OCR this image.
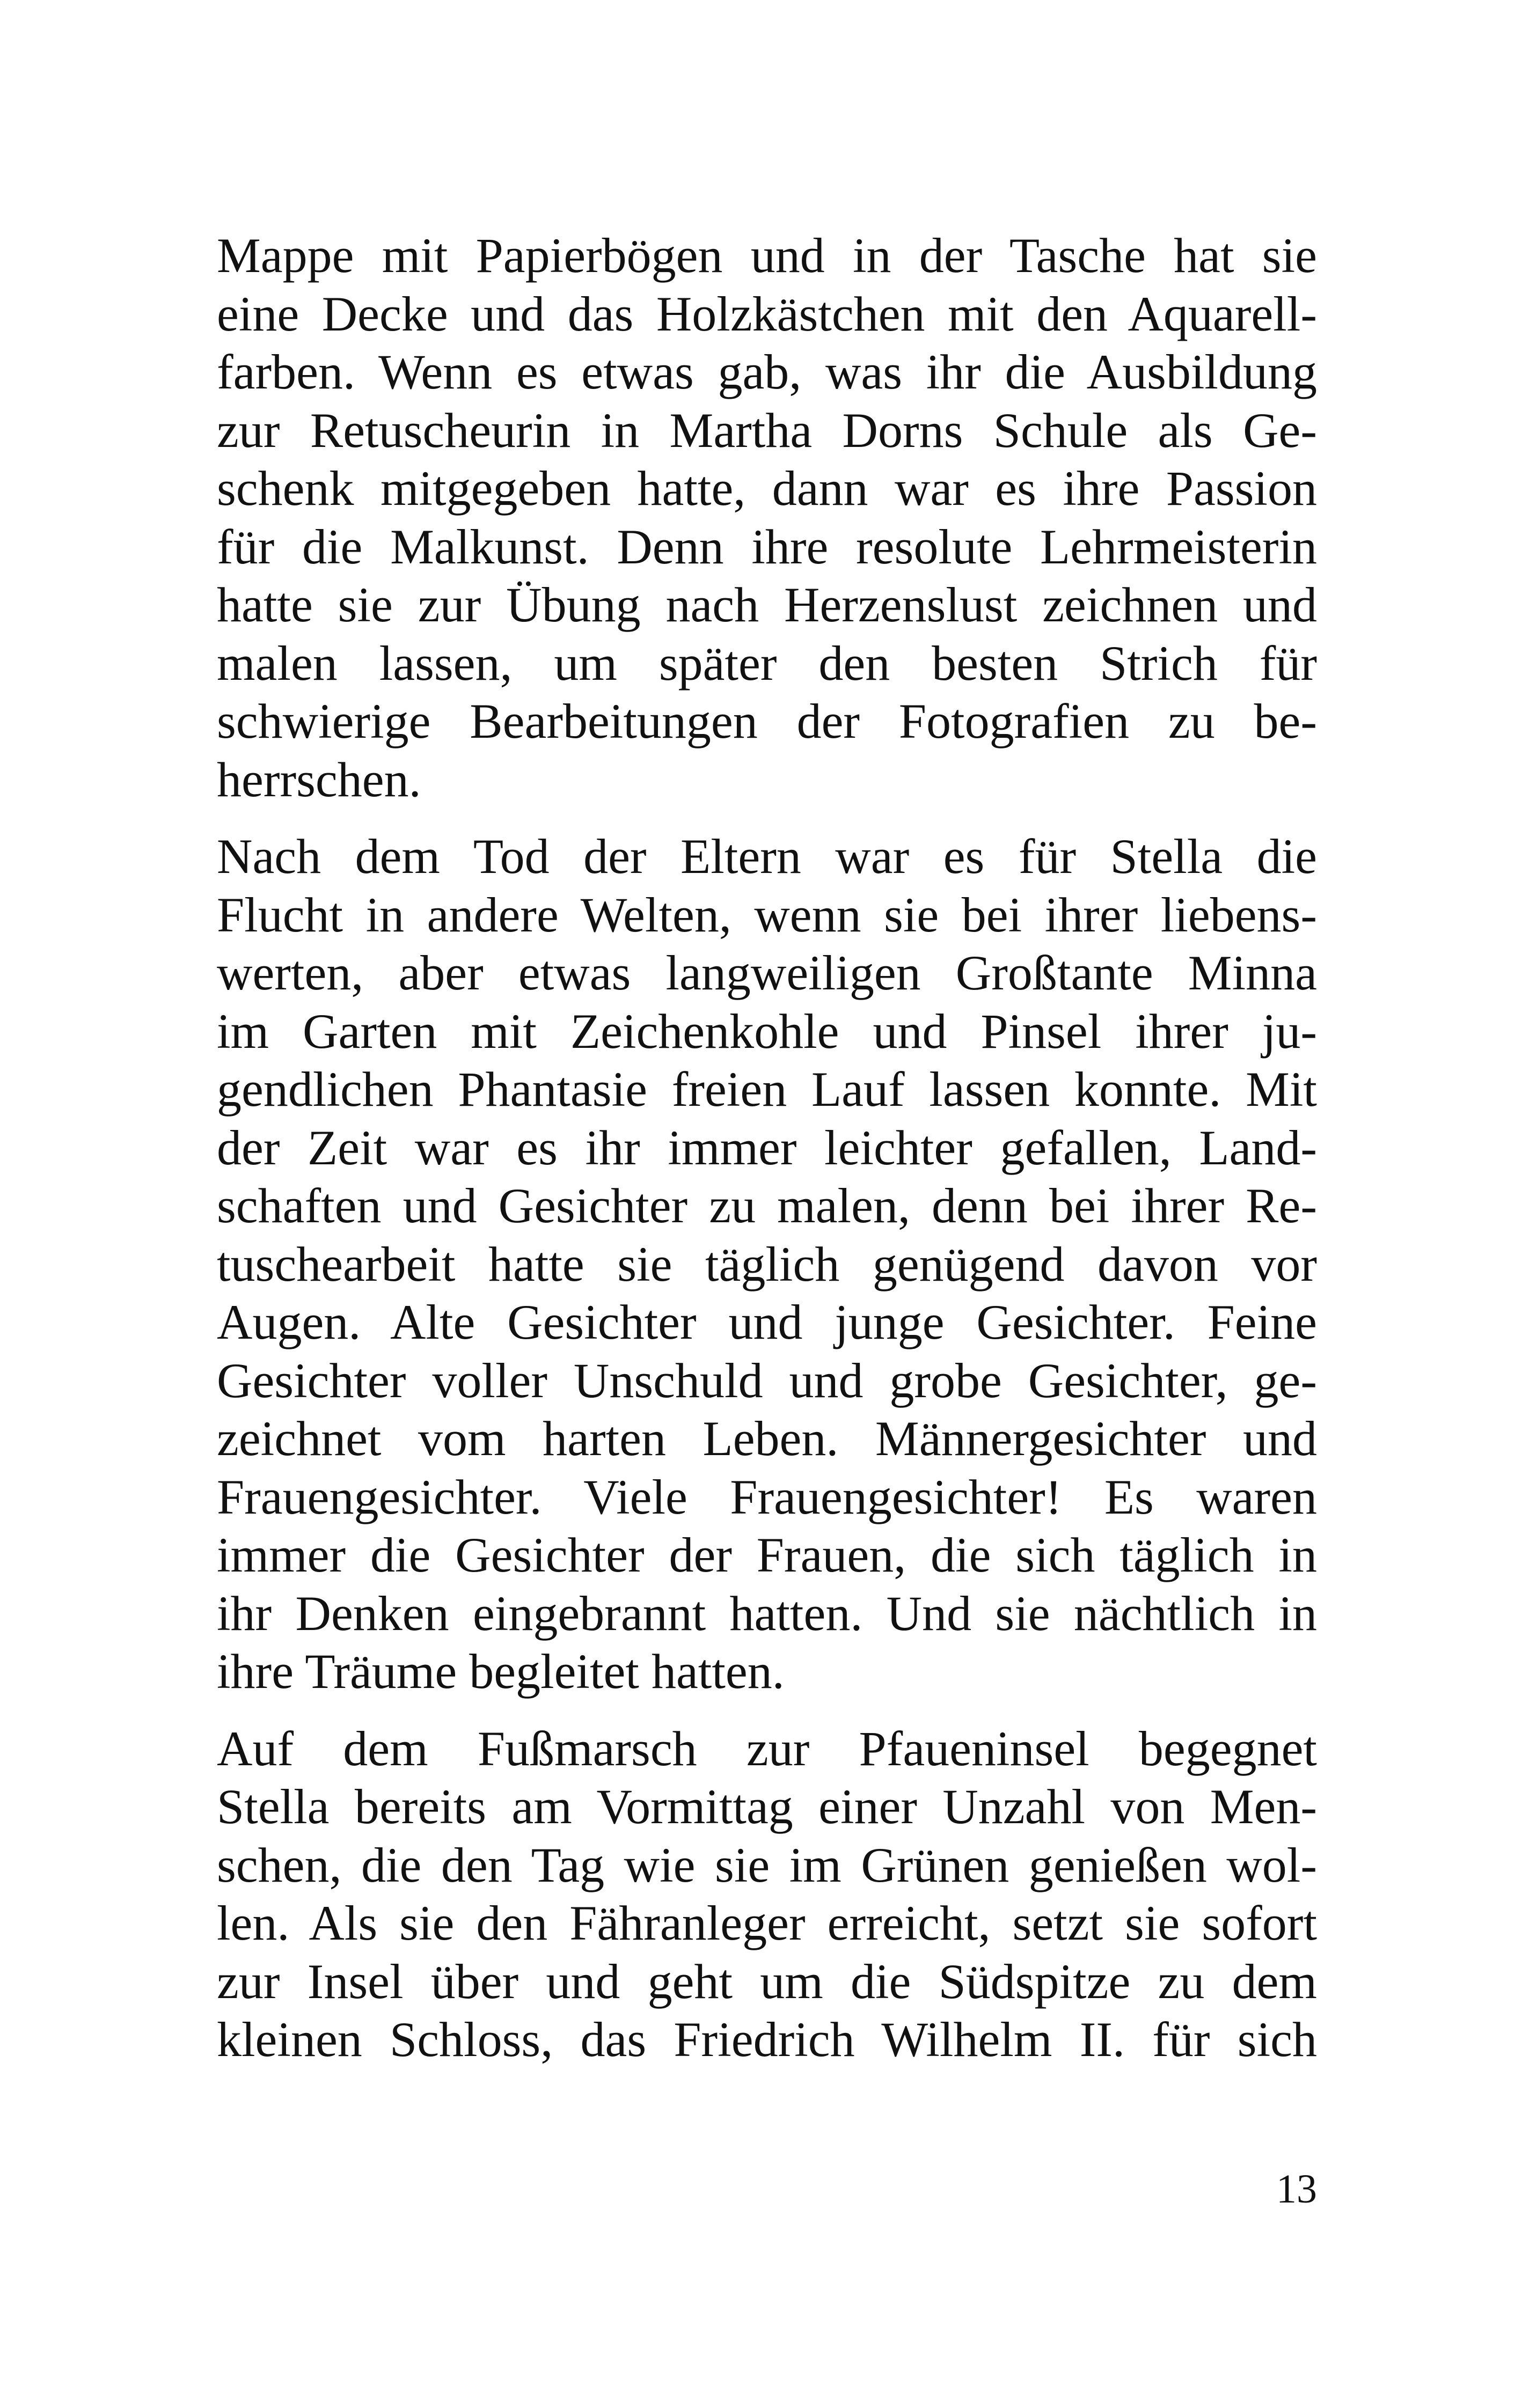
Mappe mit Papierbögen und in der Tasche hat sie
eine Decke und das Holzkästchen mit den Aquarell-
farben. Wenn es etwas gab, was ihr die Ausbildung
zur Retuscheurin in Martha Dorns Schule als Ge-
schenk mitgegeben hatte, dann war es ihre Passion
für die Malkunst. Denn ihre resolute Lehrmeisterin
hatte sie zur Übung nach Herzenslust zeichnen und
malen lassen, um später den besten Strich für
schwierige Bearbeitungen der Fotografien zu be-
herrschen.
Nach dem Tod der Eltern war es für Stella die
Flucht in andere Welten, wenn sie bei ihrer liebens-
werten, aber etwas langweiligen Großtante Minna
im Garten mit Zeichenkohle und Pinsel ihrer ju-
gendlichen Phantasie freien Lauf lassen konnte. Mit
der Zeit war es ihr immer leichter gefallen, Land-
schaften und Gesichter zu malen, denn bei ihrer Re-
tuschearbeit hatte sie täglich genügend davon vor
Augen. Alte Gesichter und junge Gesichter. Feine
Gesichter voller Unschuld und grobe Gesichter, ge-
zeichnet vom harten Leben. Männergesichter und
Frauengesichter. Viele Frauengesichter! Es waren
immer die Gesichter der Frauen, die sich täglich in
ihr Denken eingebrannt hatten. Und sie nächtlich in
ihre Träume begleitet hatten.
Auf dem Fußmarsch zur Pfaueninsel begegnet
Stella bereits am Vormittag einer Unzahl von Men-
schen, die den Tag wie sie im Grünen genießen wol-
len. Als sie den Fähranleger erreicht, setzt sie sofort
zur Insel über und geht um die Südspitze zu dem
kleinen Schloss, das Friedrich Wilhelm II. für sich
13
